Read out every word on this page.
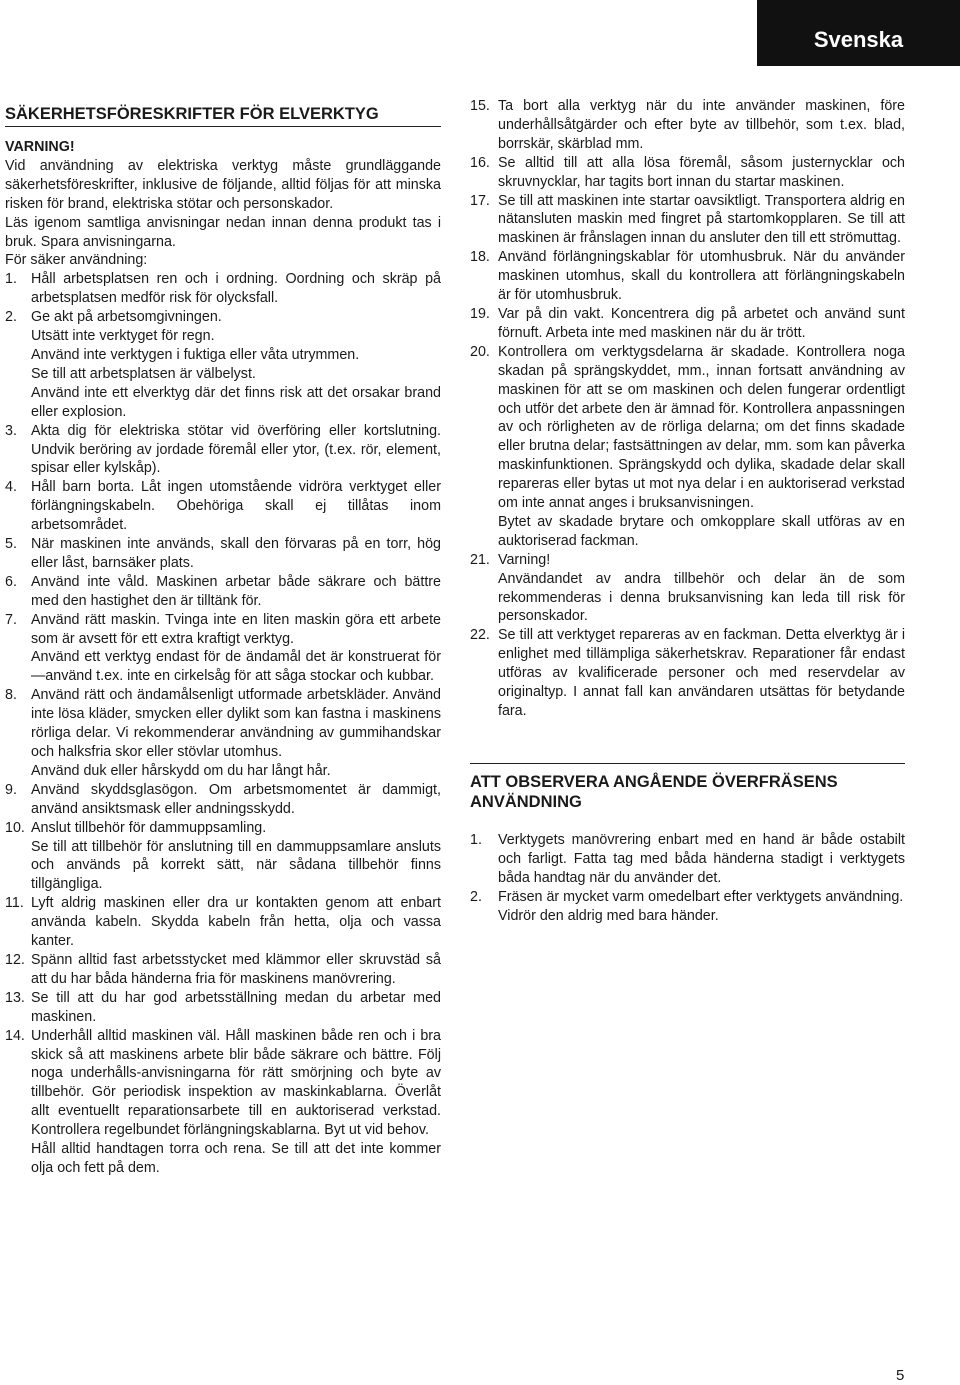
Svenska
SÄKERHETSFÖRESKRIFTER FÖR ELVERKTYG
VARNING!
Vid användning av elektriska verktyg måste grundläggande säkerhetsföreskrifter, inklusive de följande, alltid följas för att minska risken för brand, elektriska stötar och personskador.
Läs igenom samtliga anvisningar nedan innan denna produkt tas i bruk. Spara anvisningarna.
För säker användning:
1. Håll arbetsplatsen ren och i ordning. Oordning och skräp på arbetsplatsen medför risk för olycksfall.
2. Ge akt på arbetsomgivningen.
Utsätt inte verktyget för regn.
Använd inte verktygen i fuktiga eller våta utrymmen.
Se till att arbetsplatsen är välbelyst.
Använd inte ett elverktyg där det finns risk att det orsakar brand eller explosion.
3. Akta dig för elektriska stötar vid överföring eller kortslutning. Undvik beröring av jordade föremål eller ytor, (t.ex. rör, element, spisar eller kylskåp).
4. Håll barn borta. Låt ingen utomstående vidröra verktyget eller förlängningskabeln. Obehöriga skall ej tillåtas inom arbetsområdet.
5. När maskinen inte används, skall den förvaras på en torr, hög eller låst, barnsäker plats.
6. Använd inte våld. Maskinen arbetar både säkrare och bättre med den hastighet den är tilltänk för.
7. Använd rätt maskin. Tvinga inte en liten maskin göra ett arbete som är avsett för ett extra kraftigt verktyg.
Använd ett verktyg endast för de ändamål det är konstruerat för—använd t.ex. inte en cirkelsåg för att såga stockar och kubbar.
8. Använd rätt och ändamålsenligt utformade arbetskläder. Använd inte lösa kläder, smycken eller dylikt som kan fastna i maskinens rörliga delar. Vi rekommenderar användning av gummihandskar och halksfria skor eller stövlar utomhus.
Använd duk eller hårskydd om du har långt hår.
9. Använd skyddsglasögon. Om arbetsmomentet är dammigt, använd ansiktsmask eller andningsskydd.
10. Anslut tillbehör för dammuppsamling.
Se till att tillbehör för anslutning till en dammuppsamlare ansluts och används på korrekt sätt, när sådana tillbehör finns tillgängliga.
11. Lyft aldrig maskinen eller dra ur kontakten genom att enbart använda kabeln. Skydda kabeln från hetta, olja och vassa kanter.
12. Spänn alltid fast arbetsstycket med klämmor eller skruvstäd så att du har båda händerna fria för maskinens manövrering.
13. Se till att du har god arbetsställning medan du arbetar med maskinen.
14. Underhåll alltid maskinen väl. Håll maskinen både ren och i bra skick så att maskinens arbete blir både säkrare och bättre. Följ noga underhålls-anvisningarna för rätt smörjning och byte av tillbehör. Gör periodisk inspektion av maskinkablarna. Överlåt allt eventuellt reparationsarbete till en auktoriserad verkstad. Kontrollera regelbundet förlängningskablarna. Byt ut vid behov.
Håll alltid handtagen torra och rena. Se till att det inte kommer olja och fett på dem.
15. Ta bort alla verktyg när du inte använder maskinen, före underhållsåtgärder och efter byte av tillbehör, som t.ex. blad, borrskär, skärblad mm.
16. Se alltid till att alla lösa föremål, såsom justernycklar och skruvnycklar, har tagits bort innan du startar maskinen.
17. Se till att maskinen inte startar oavsiktligt. Transportera aldrig en nätansluten maskin med fingret på startomkopplaren. Se till att maskinen är frånslagen innan du ansluter den till ett strömuttag.
18. Använd förlängningskablar för utomhusbruk. När du använder maskinen utomhus, skall du kontrollera att förlängningskabeln är för utomhusbruk.
19. Var på din vakt. Koncentrera dig på arbetet och använd sunt förnuft. Arbeta inte med maskinen när du är trött.
20. Kontrollera om verktygsdelarna är skadade. Kontrollera noga skadan på sprängskyddet, mm., innan fortsatt användning av maskinen för att se om maskinen och delen fungerar ordentligt och utför det arbete den är ämnad för. Kontrollera anpassningen av och rörligheten av de rörliga delarna; om det finns skadade eller brutna delar; fastsättningen av delar, mm. som kan påverka maskinfunktionen. Sprängskydd och dylika, skadade delar skall repareras eller bytas ut mot nya delar i en auktoriserad verkstad om inte annat anges i bruksanvisningen.
Bytet av skadade brytare och omkopplare skall utföras av en auktoriserad fackman.
21. Varning!
Användandet av andra tillbehör och delar än de som rekommenderas i denna bruksanvisning kan leda till risk för personskador.
22. Se till att verktyget repareras av en fackman. Detta elverktyg är i enlighet med tillämpliga säkerhetskrav. Reparationer får endast utföras av kvalificerade personer och med reservdelar av originaltyp. I annat fall kan användaren utsättas för betydande fara.
ATT OBSERVERA ANGÅENDE ÖVERFRÄSENS ANVÄNDNING
1.	Verktygets manövrering enbart med en hand är både ostabilt och farligt. Fatta tag med båda händerna stadigt i verktygets båda handtag när du använder det.
2.	Fräsen är mycket varm omedelbart efter verktygets användning.
Vidrör den aldrig med bara händer.
5
